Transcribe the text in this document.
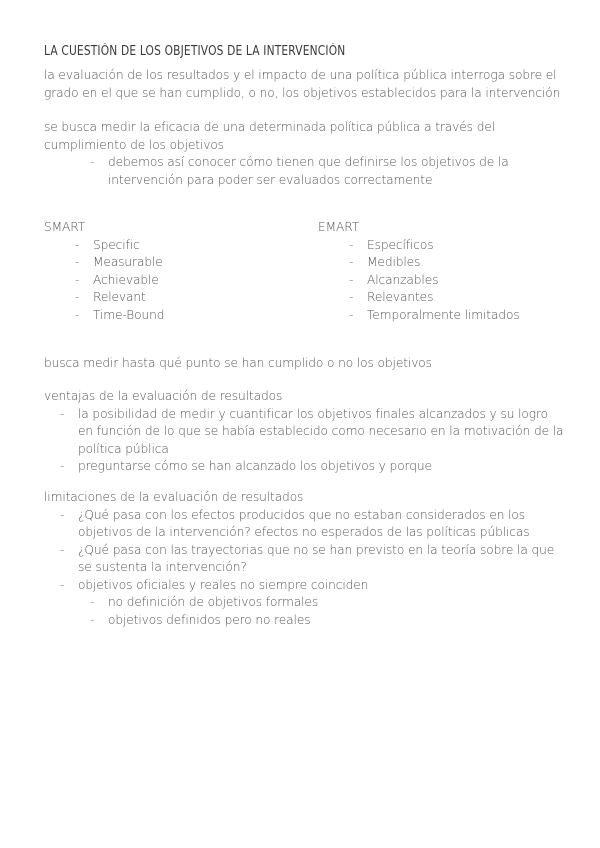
LA CUESTIÓN DE LOS OBJETIVOS DE LA INTERVENCIÓN

la evaluación de los resultados y el impacto de una política pública interroga sobre el grado en el que se han cumplido, o no, los objetivos establecidos para la intervención

se busca medir la eficacia de una determinada política pública a través del cumplimiento de los objetivos

- debemos así conocer cómo tienen que definirse los objetivos de la intervención para poder ser evaluados correctamente

SMART

- Specific
- Measurable
- Achievable
- Relevant
- Time-Bound

EMART

- Específicos
- Medibles
- Alcanzables
- Relevantes
- Temporalmente limitados

busca medir hasta qué punto se han cumplido o no los objetivos

ventajas de la evaluación de resultados

- la posibilidad de medir y cuantificar los objetivos finales alcanzados y su logro en función de lo que se había establecido como necesario en la motivación de la política pública
- preguntarse cómo se han alcanzado los objetivos y porque

limitaciones de la evaluación de resultados

- ¿Qué pasa con los efectos producidos que no estaban considerados en los objetivos de la intervención? efectos no esperados de las políticas públicas
- ¿Qué pasa con las trayectorias que no se han previsto en la teoría sobre la que se sustenta la intervención?
- objetivos oficiales y reales no siempre coinciden
- no definición de objetivos formales
- objetivos definidos pero no reales
